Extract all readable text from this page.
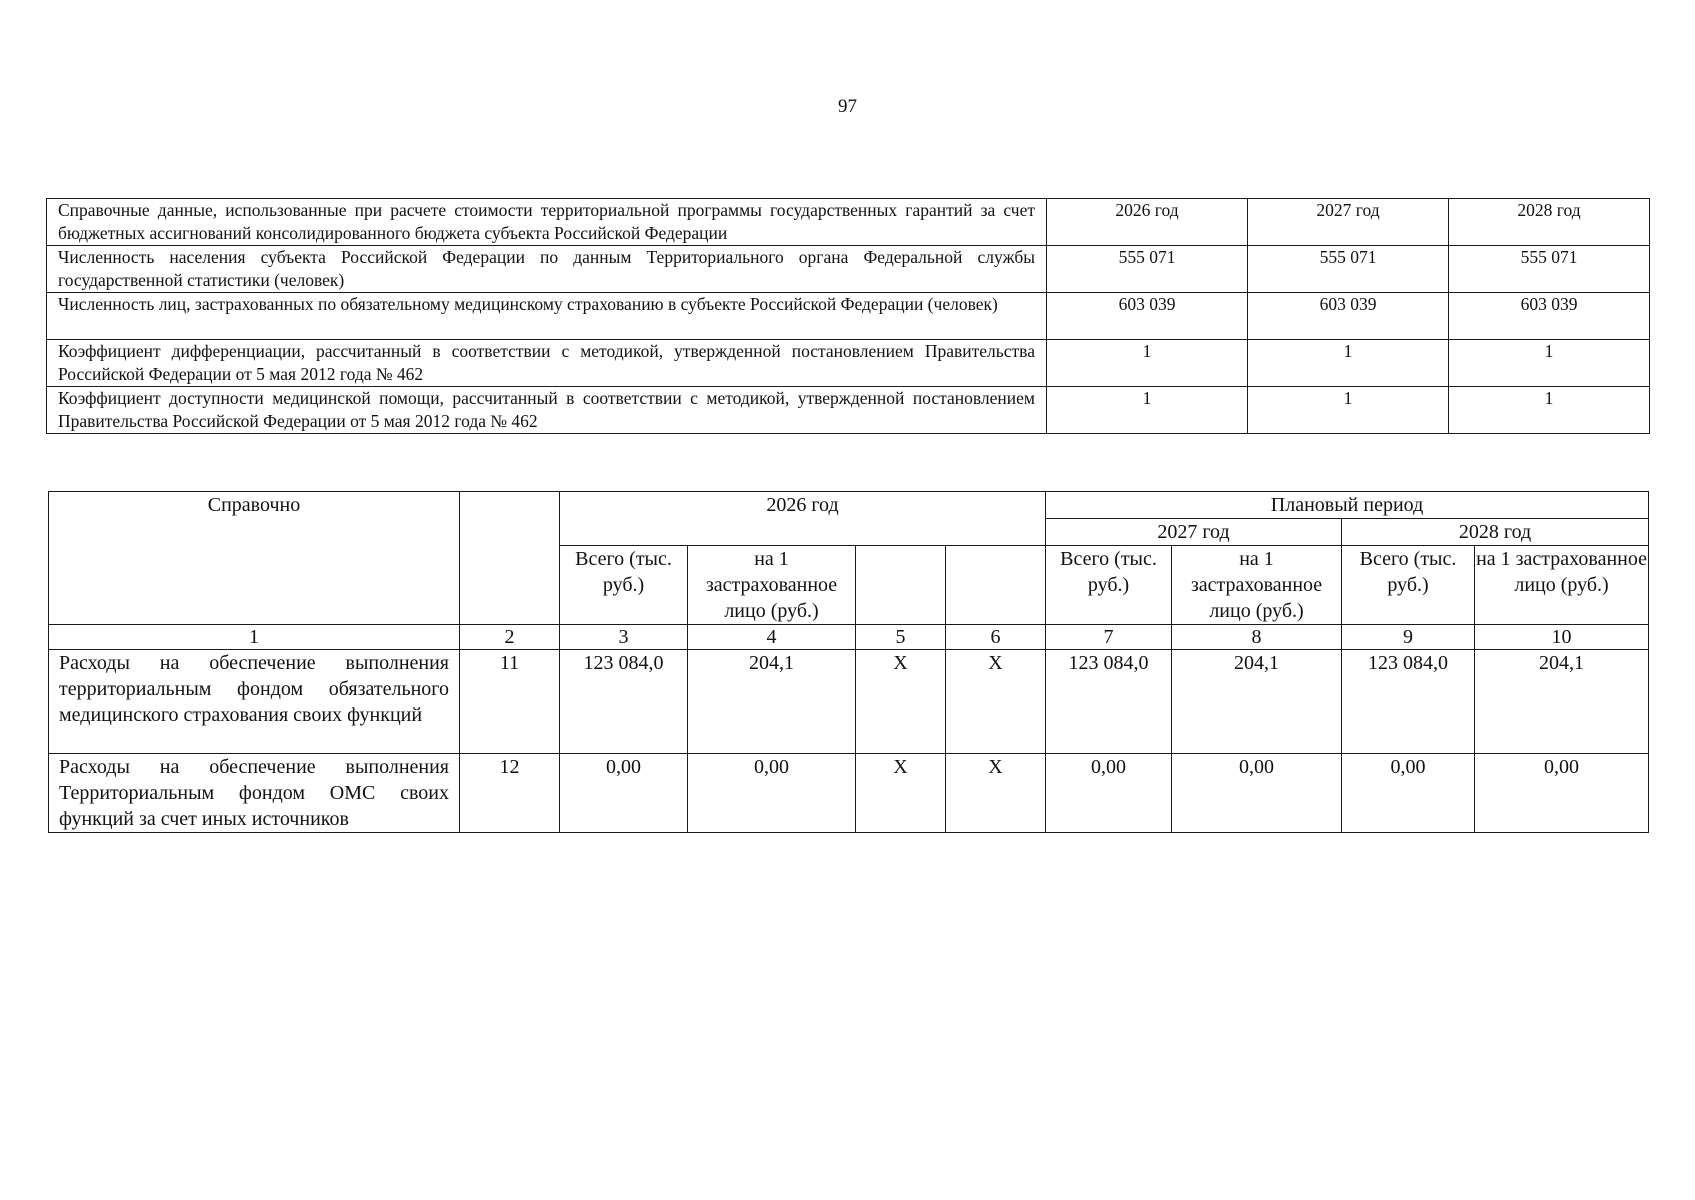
97
Справочные данные, использованные при расчете стоимости территориальной программы государственных гарантий за счет бюджетных ассигнований консолидированного бюджета субъекта Российской Федерации	2026 год	2027 год	2028 год
Численность населения субъекта Российской Федерации по данным Территориального органа Федеральной службы государственной статистики (человек)	555 071	555 071	555 071
Численность лиц, застрахованных по обязательному медицинскому страхованию в субъекте Российской Федерации (человек)	603 039	603 039	603 039
Коэффициент дифференциации, рассчитанный в соответствии с методикой, утвержденной постановлением Правительства Российской Федерации от 5 мая 2012 года № 462	1	1	1
Коэффициент доступности медицинской помощи, рассчитанный в соответствии с методикой, утвержденной постановлением Правительства Российской Федерации от 5 мая 2012 года № 462	1	1	1
Справочно		2026 год				Плановый период			
						2027 год		2028 год	
		Всего (тыс. руб.)	на 1 застрахованное лицо (руб.)			Всего (тыс. руб.)	на 1 застрахованное лицо (руб.)	Всего (тыс. руб.)	на 1 застрахованное лицо (руб.)
1	2	3	4	5	6	7	8	9	10
Расходы на обеспечение выполнения территориальным фондом обязательного медицинского страхования своих функций	11	123 084,0	204,1	Х	Х	123 084,0	204,1	123 084,0	204,1
Расходы на обеспечение выполнения Территориальным фондом ОМС своих функций за счет иных источников	12	0,00	0,00	Х	Х	0,00	0,00	0,00	0,00
